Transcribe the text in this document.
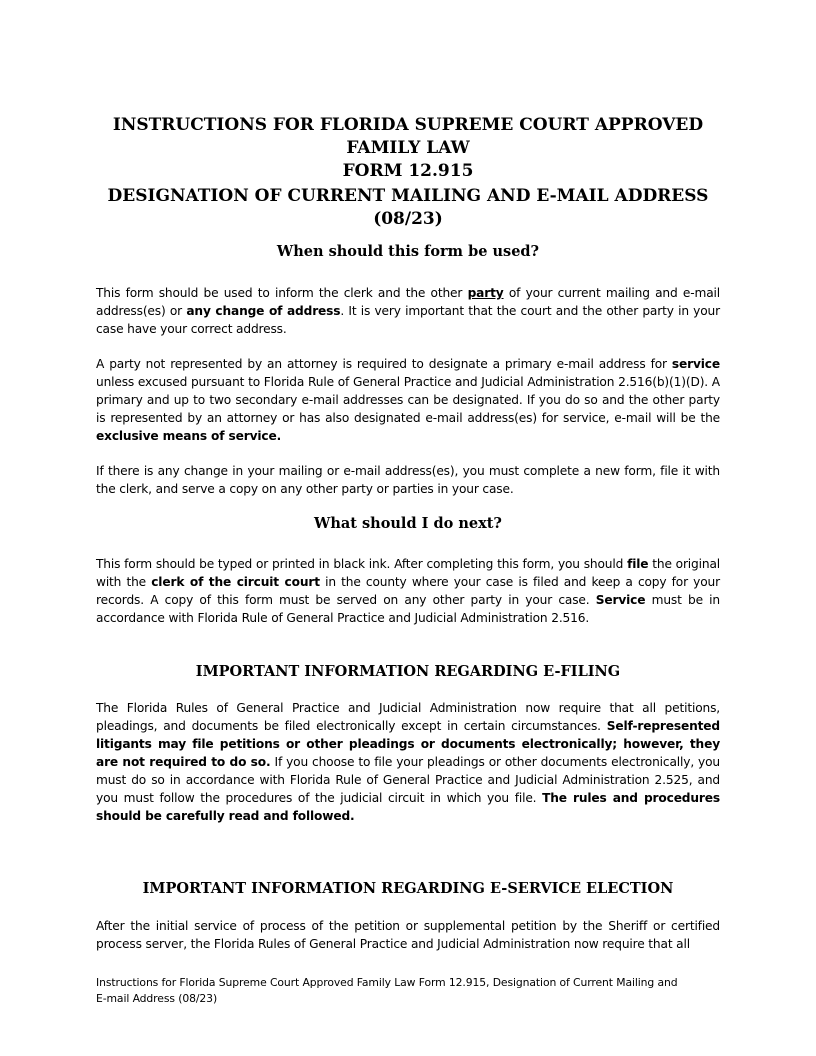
INSTRUCTIONS FOR FLORIDA SUPREME COURT APPROVED FAMILY LAW
FORM 12.915
DESIGNATION OF CURRENT MAILING AND E-MAIL ADDRESS
(08/23)
When should this form be used?

This form should be used to inform the clerk and the other party of your current mailing and e-mail address(es) or any change of address. It is very important that the court and the other party in your case have your correct address.

A party not represented by an attorney is required to designate a primary e-mail address for service unless excused pursuant to Florida Rule of General Practice and Judicial Administration 2.516(b)(1)(D). A primary and up to two secondary e-mail addresses can be designated. If you do so and the other party is represented by an attorney or has also designated e-mail address(es) for service, e-mail will be the exclusive means of service.

If there is any change in your mailing or e-mail address(es), you must complete a new form, file it with the clerk, and serve a copy on any other party or parties in your case.

What should I do next?

This form should be typed or printed in black ink. After completing this form, you should file the original with the clerk of the circuit court in the county where your case is filed and keep a copy for your records. A copy of this form must be served on any other party in your case. Service must be in accordance with Florida Rule of General Practice and Judicial Administration 2.516.

IMPORTANT INFORMATION REGARDING E-FILING

The Florida Rules of General Practice and Judicial Administration now require that all petitions, pleadings, and documents be filed electronically except in certain circumstances. Self-represented litigants may file petitions or other pleadings or documents electronically; however, they are not required to do so. If you choose to file your pleadings or other documents electronically, you must do so in accordance with Florida Rule of General Practice and Judicial Administration 2.525, and you must follow the procedures of the judicial circuit in which you file. The rules and procedures should be carefully read and followed.

IMPORTANT INFORMATION REGARDING E-SERVICE ELECTION

After the initial service of process of the petition or supplemental petition by the Sheriff or certified process server, the Florida Rules of General Practice and Judicial Administration now require that all

Instructions for Florida Supreme Court Approved Family Law Form 12.915, Designation of Current Mailing and
E-mail Address (08/23)
